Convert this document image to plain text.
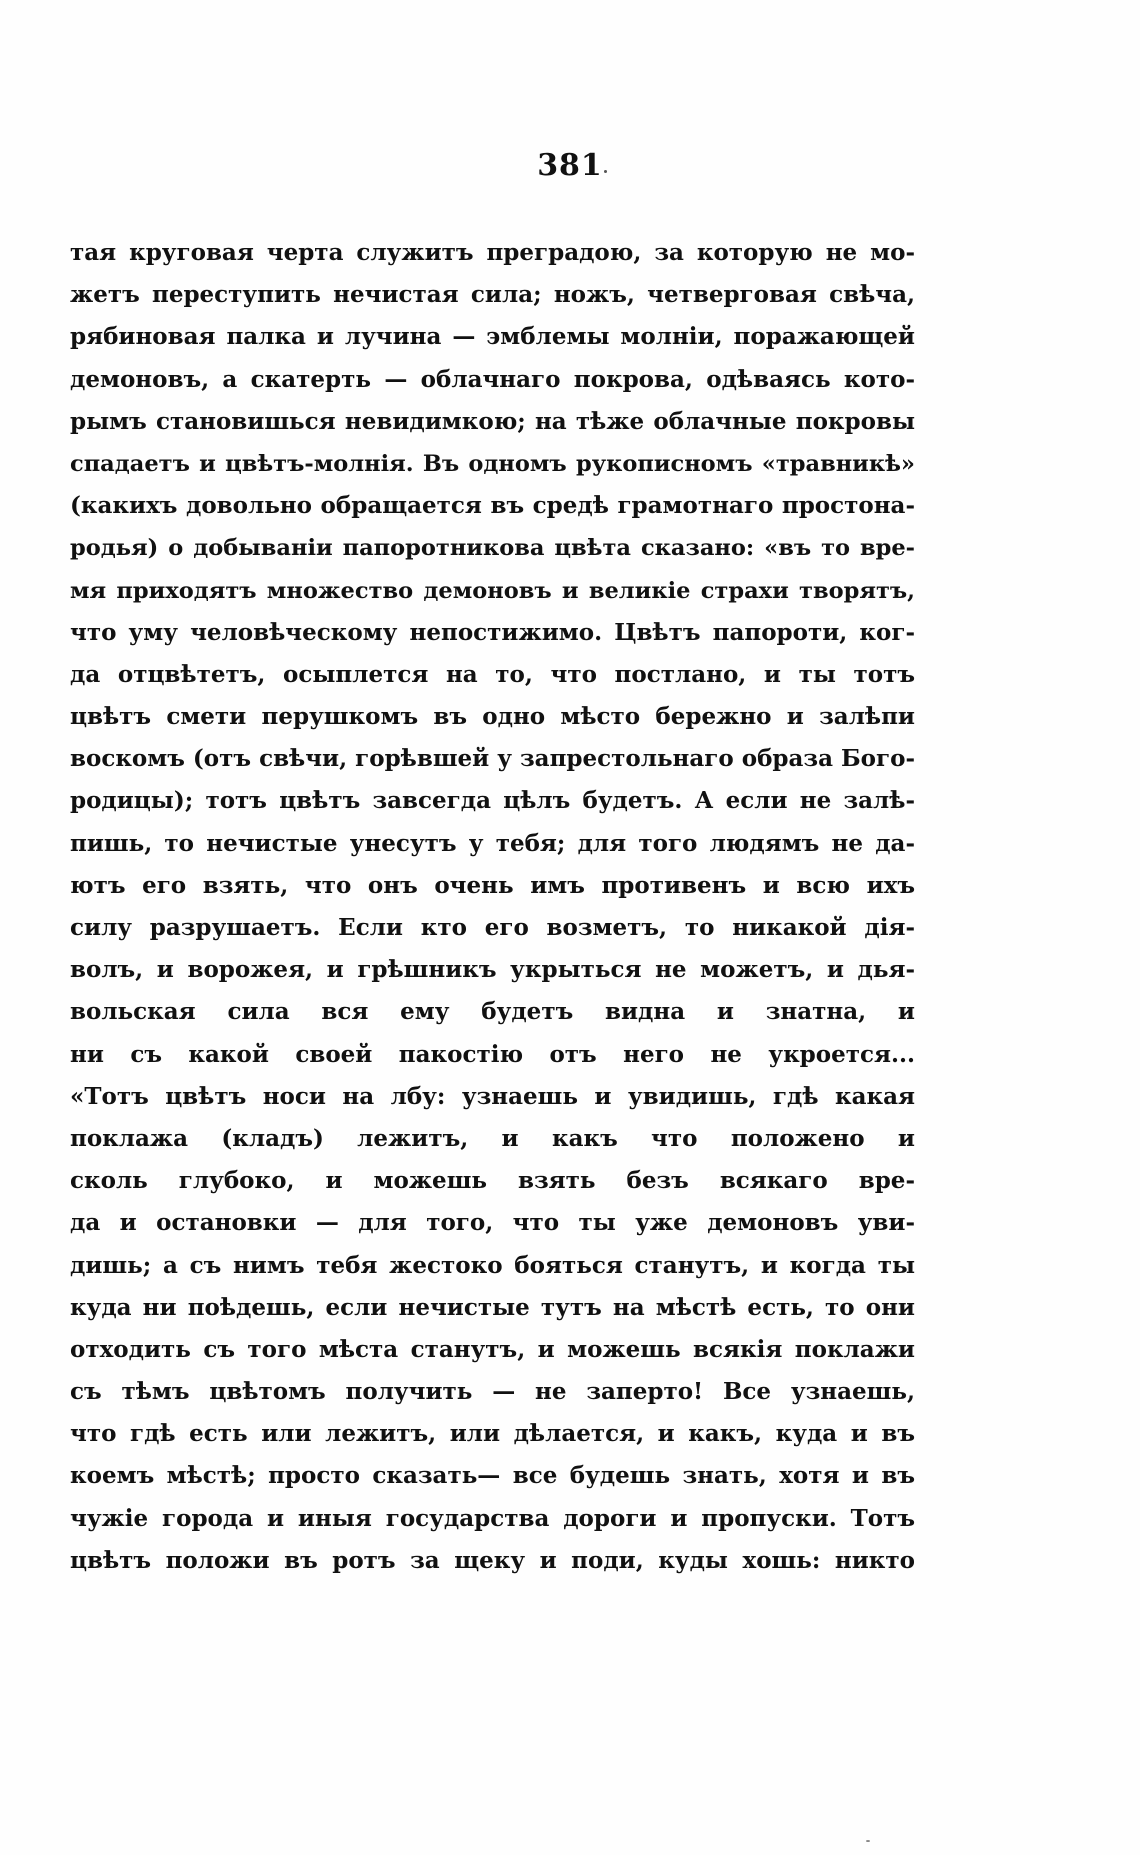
381
тая круговая черта служитъ преградою, за которую не мо-
жетъ переступить нечистая сила; ножъ, четверговая свѣча,
рябиновая палка и лучина — эмблемы молніи, поражающей
демоновъ, а скатерть — облачнаго покрова, одѣваясь кото-
рымъ становишься невидимкою; на тѣже облачные покровы
спадаетъ и цвѣтъ-молнія. Въ одномъ рукописномъ «травникѣ»
(какихъ довольно обращается въ средѣ грамотнаго простона-
родья) о добываніи папоротникова цвѣта сказано: «въ то вре-
мя приходятъ множество демоновъ и великіе страхи творятъ,
что уму человѣческому непостижимо. Цвѣтъ папороти, ког-
да отцвѣтетъ, осыплется на то, что постлано, и ты тотъ
цвѣтъ смети перушкомъ въ одно мѣсто бережно и залѣпи
воскомъ (отъ свѣчи, горѣвшей у запрестольнаго образа Бого-
родицы); тотъ цвѣтъ завсегда цѣлъ будетъ. А если не залѣ-
пишь, то нечистые унесутъ у тебя; для того людямъ не да-
ютъ его взять, что онъ очень имъ противенъ и всю ихъ
силу разрушаетъ. Если кто его возметъ, то никакой дія-
волъ, и ворожея, и грѣшникъ укрыться не можетъ, и дья-
вольская сила вся ему будетъ видна и знатна, и
ни съ какой своей пакостію отъ него не укроется...
«Тотъ цвѣтъ носи на лбу: узнаешь и увидишь, гдѣ какая
поклажа (кладъ) лежитъ, и какъ что положено и
сколь глубоко, и можешь взять безъ всякаго вре-
да и остановки — для того, что ты уже демоновъ уви-
дишь; а съ нимъ тебя жестоко бояться станутъ, и когда ты
куда ни поѣдешь, если нечистые тутъ на мѣстѣ есть, то они
отходить съ того мѣста станутъ, и можешь всякія поклажи
съ тѣмъ цвѣтомъ получить — не заперто! Все узнаешь,
что гдѣ есть или лежитъ, или дѣлается, и какъ, куда и въ
коемъ мѣстѣ; просто сказать— все будешь знать, хотя и въ
чужіе города и иныя государства дороги и пропуски. Тотъ
цвѣтъ положи въ ротъ за щеку и поди, куды хошь: никто
